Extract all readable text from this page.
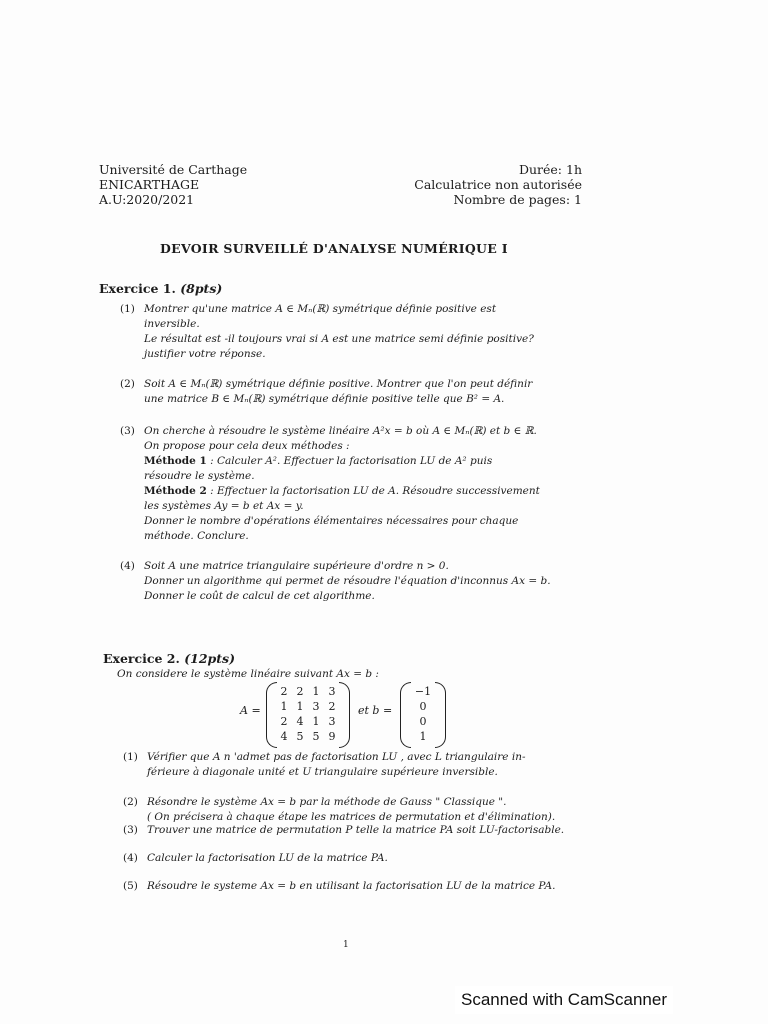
Université de Carthage
ENICARTHAGE
A.U:2020/2021
Durée: 1h
Calculatrice non autorisée
Nombre de pages: 1
DEVOIR SURVEILLÉ D'ANALYSE NUMÉRIQUE I
Exercice 1. (8pts)
(1) Montrer qu'une matrice A ∈ Mₙ(ℝ) symétrique définie positive est
inversible.
Le résultat est -il toujours vrai si A est une matrice semi définie positive?
justifier votre réponse.
(2) Soit A ∈ Mₙ(ℝ) symétrique définie positive. Montrer que l'on peut définir
une matrice B ∈ Mₙ(ℝ) symétrique définie positive telle que B² = A.
(3) On cherche à résoudre le système linéaire A²x = b où A ∈ Mₙ(ℝ) et b ∈ ℝ.
On propose pour cela deux méthodes :
Méthode 1 : Calculer A². Effectuer la factorisation LU de A² puis
résoudre le système.
Méthode 2 : Effectuer la factorisation LU de A. Résoudre successivement
les systèmes Ay = b et Ax = y.
Donner le nombre d'opérations élémentaires nécessaires pour chaque
méthode. Conclure.
(4) Soit A une matrice triangulaire supérieure d'ordre n > 0.
Donner un algorithme qui permet de résoudre l'équation d'inconnus Ax = b.
Donner le coût de calcul de cet algorithme.
Exercice 2. (12pts)
On considere le système linéaire suivant Ax = b :
A =
2	2	1	3
1	1	3	2
2	4	1	3
4	5	5	9
et b =
−1
0
0
1
(1) Vérifier que A n 'admet pas de factorisation LU , avec L triangulaire in-
férieure à diagonale unité et U triangulaire supérieure inversible.
(2) Résondre le système Ax = b par la méthode de Gauss " Classique ".
( On précisera à chaque étape les matrices de permutation et d'élimination).
(3) Trouver une matrice de permutation P telle la matrice PA soit LU-factorisable.
(4) Calculer la factorisation LU de la matrice PA.
(5) Résoudre le systeme Ax = b en utilisant la factorisation LU de la matrice PA.
1
Scanned with CamScanner
